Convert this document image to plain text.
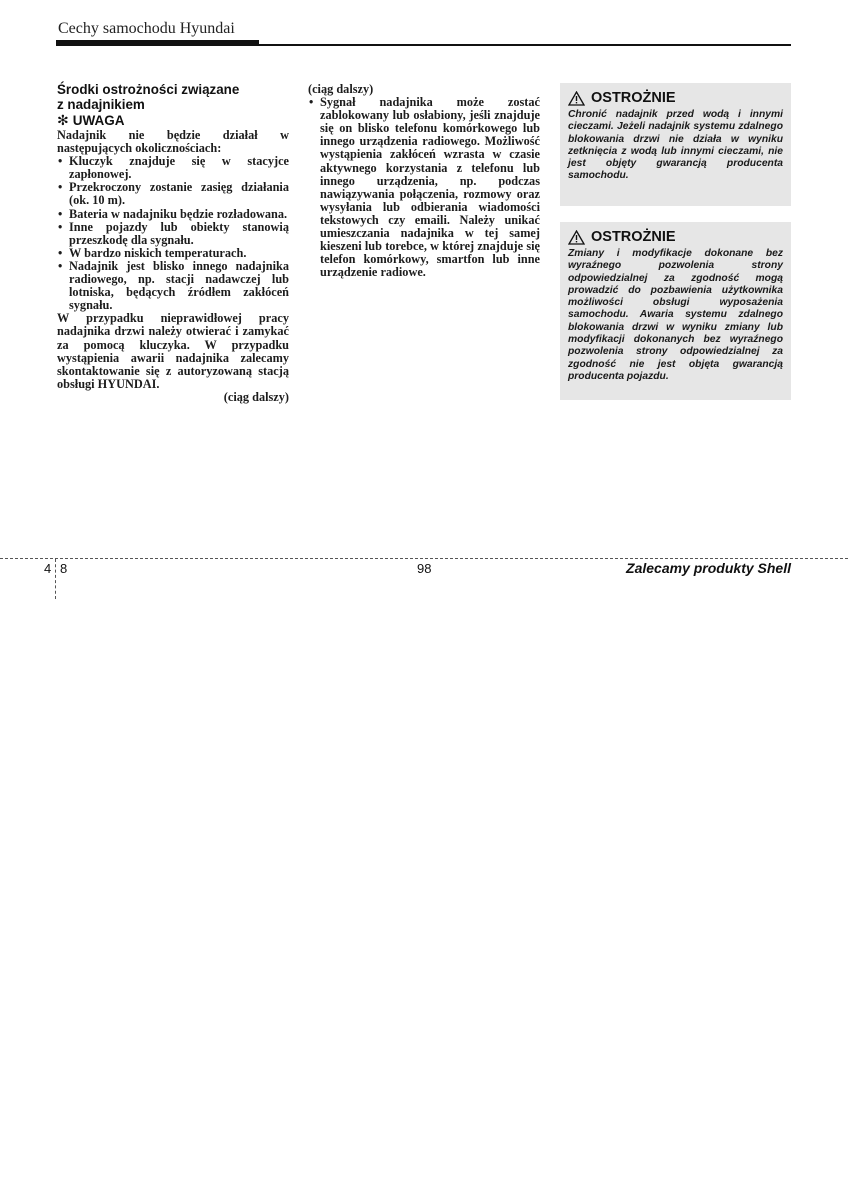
Cechy samochodu Hyundai
Środki ostrożności związane
z nadajnikiem
✻ UWAGA

Nadajnik nie będzie działał w następujących okolicznościach:

• Kluczyk znajduje się w stacyjce zapłonowej.
• Przekroczony zostanie zasięg działania (ok. 10 m).
• Bateria w nadajniku będzie rozładowana.
• Inne pojazdy lub obiekty stanowią przeszkodę dla sygnału.
• W bardzo niskich temperaturach.
• Nadajnik jest blisko innego nadajnika radiowego, np. stacji nadawczej lub lotniska, będących źródłem zakłóceń sygnału.

W przypadku nieprawidłowej pracy nadajnika drzwi należy otwierać i zamykać za pomocą kluczyka. W przypadku wystąpienia awarii nadajnika zalecamy skontaktowanie się z autoryzowaną stacją obsługi HYUNDAI.

(ciąg dalszy)

(ciąg dalszy)

• Sygnał nadajnika może zostać zablokowany lub osłabiony, jeśli znajduje się on blisko telefonu komórkowego lub innego urządzenia radiowego. Możliwość wystąpienia zakłóceń wzrasta w czasie aktywnego korzystania z telefonu lub innego urządzenia, np. podczas nawiązywania połączenia, rozmowy oraz wysyłania lub odbierania wiadomości tekstowych czy emaili. Należy unikać umieszczania nadajnika w tej samej kieszeni lub torebce, w której znajduje się telefon komórkowy, smartfon lub inne urządzenie radiowe.
OSTROŻNIE
Chronić nadajnik przed wodą i innymi cieczami. Jeżeli nadajnik systemu zdalnego blokowania drzwi nie działa w wyniku zetknięcia z wodą lub innymi cieczami, nie jest objęty gwarancją producenta samochodu.
OSTROŻNIE
Zmiany i modyfikacje dokonane bez wyraźnego pozwolenia strony odpowiedzialnej za zgodność mogą prowadzić do pozbawienia użytkownika możliwości obsługi wyposażenia samochodu. Awaria systemu zdalnego blokowania drzwi w wyniku zmiany lub modyfikacji dokonanych bez wyraźnego pozwolenia strony odpowiedzialnej za zgodność nie jest objęta gwarancją producenta pojazdu.
4 8	98	Zalecamy produkty Shell
